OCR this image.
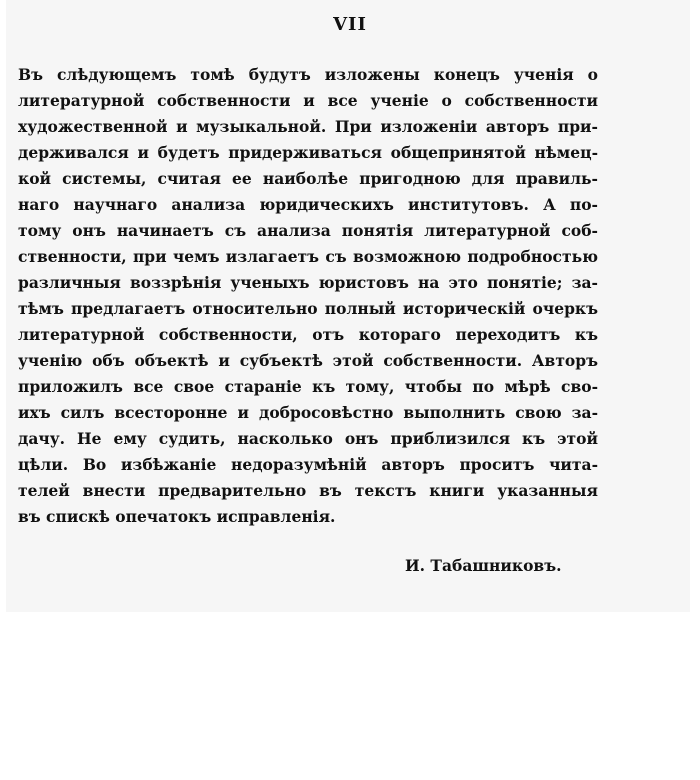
VII
Въ слѣдующемъ томѣ будутъ изложены конецъ ученія о
литературной собственности и все ученіе о собственности
художественной и музыкальной. При изложеніи авторъ при-
держивался и будетъ придерживаться общепринятой нѣмец-
кой системы, считая ее наиболѣе пригодною для правиль-
наго научнаго анализа юридическихъ институтовъ. А по-
тому онъ начинаетъ съ анализа понятія литературной соб-
ственности, при чемъ излагаетъ съ возможною подробностью
различныя воззрѣнія ученыхъ юристовъ на это понятіе; за-
тѣмъ предлагаетъ относительно полный историческій очеркъ
литературной собственности, отъ котораго переходитъ къ
ученію объ объектѣ и субъектѣ этой собственности. Авторъ
приложилъ все свое стараніе къ тому, чтобы по мѣрѣ сво-
ихъ силъ всесторонне и добросовѣстно выполнить свою за-
дачу. Не ему судить, насколько онъ приблизился къ этой
цѣли. Во избѣжаніе недоразумѣній авторъ проситъ чита-
телей внести предварительно въ текстъ книги указанныя
въ спискѣ опечатокъ исправленія.
И. Табашниковъ.
